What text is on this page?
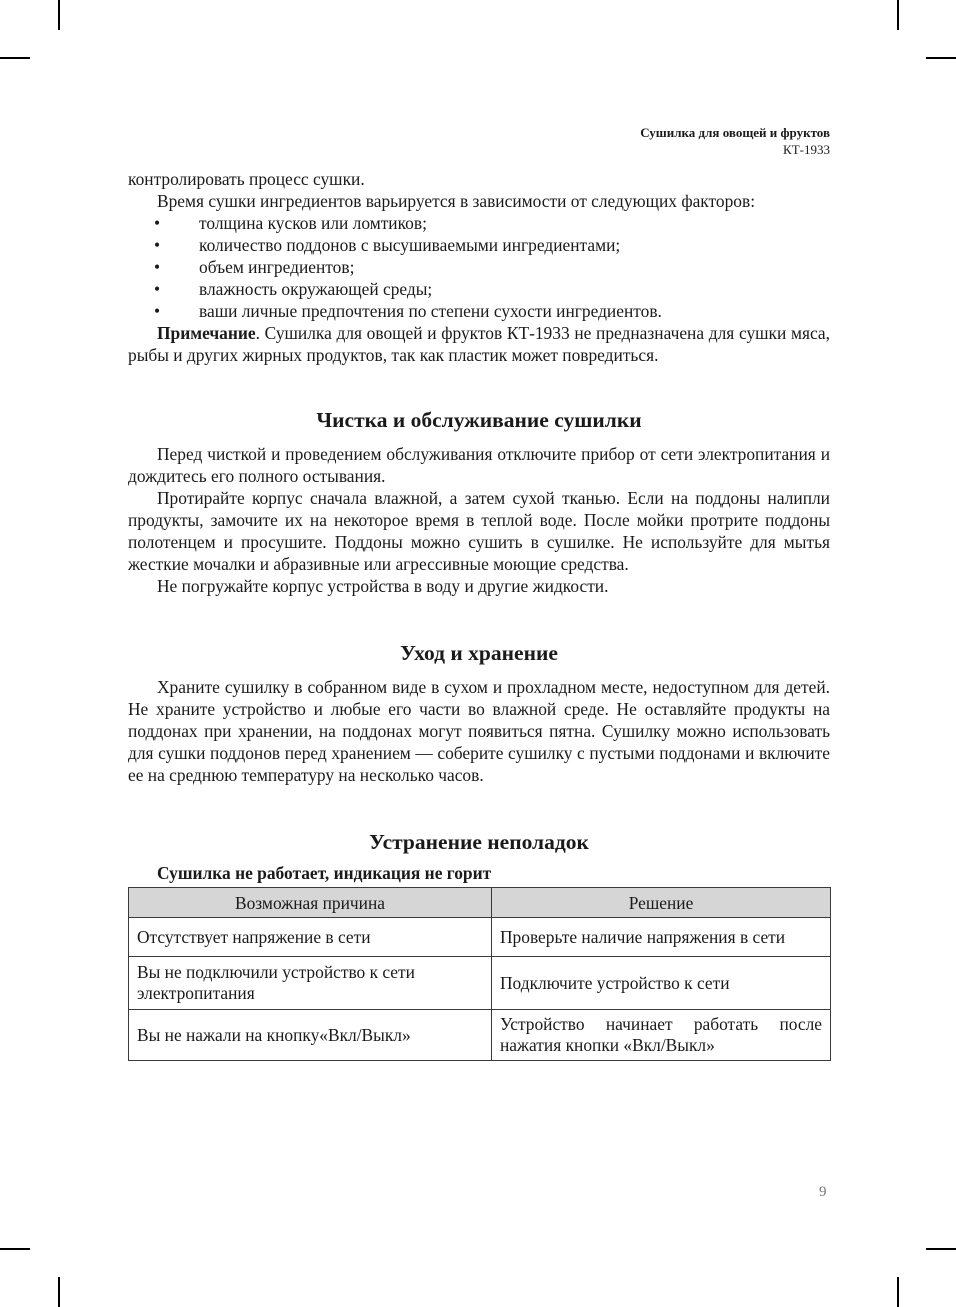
Сушилка для овощей и фруктов
КТ-1933

контролировать процесс сушки.

Время сушки ингредиентов варьируется в зависимости от следующих факторов:

• толщина кусков или ломтиков;
• количество поддонов с высушиваемыми ингредиентами;
• объем ингредиентов;
• влажность окружающей среды;
• ваши личные предпочтения по степени сухости ингредиентов.

Примечание. Сушилка для овощей и фруктов КТ-1933 не предназначена для сушки мяса, рыбы и других жирных продуктов, так как пластик может повредиться.

Чистка и обслуживание сушилки

Перед чисткой и проведением обслуживания отключите прибор от сети электропитания и дождитесь его полного остывания.

Протирайте корпус сначала влажной, а затем сухой тканью. Если на поддоны налипли продукты, замочите их на некоторое время в теплой воде. После мойки протрите поддоны полотенцем и просушите. Поддоны можно сушить в сушилке. Не используйте для мытья жесткие мочалки и абразивные или агрессивные моющие средства.

Не погружайте корпус устройства в воду и другие жидкости.

Уход и хранение

Храните сушилку в собранном виде в сухом и прохладном месте, недоступном для детей. Не храните устройство и любые его части во влажной среде. Не оставляйте продукты на поддонах при хранении, на поддонах могут появиться пятна. Сушилку можно использовать для сушки поддонов перед хранением — соберите сушилку с пустыми поддонами и включите ее на среднюю температуру на несколько часов.

Устранение неполадок
Сушилка не работает, индикация не горит
Возможная причина	Решение
Отсутствует напряжение в сети	Проверьте наличие напряжения в сети
Вы не подключили устройство к сети электропитания	Подключите устройство к сети
Вы не нажали на кнопку«Вкл/Выкл»	Устройство начинает работать после нажатия кнопки «Вкл/Выкл»
9
